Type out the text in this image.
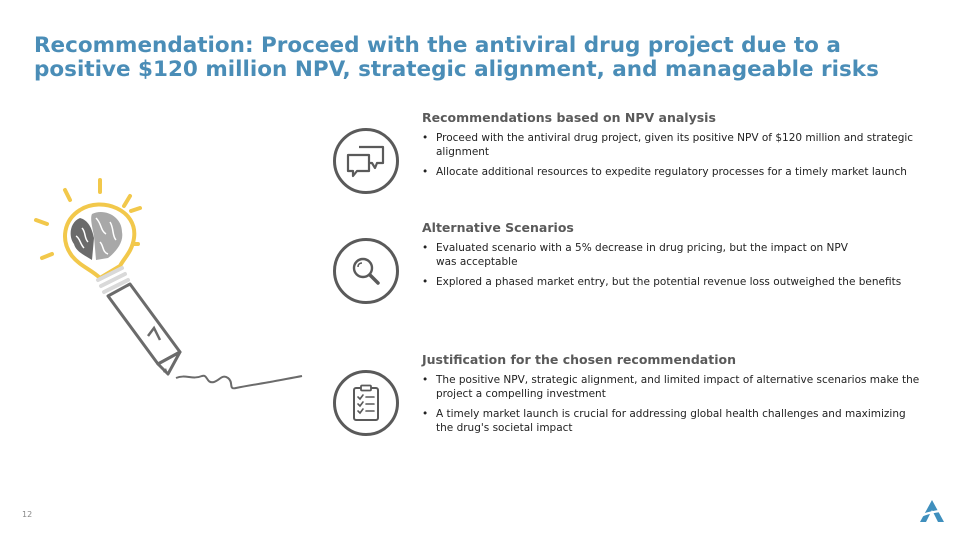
Recommendation: Proceed with the antiviral drug project due to a positive $120 million NPV, strategic alignment, and manageable risks
Recommendations based on NPV analysis
• Proceed with the antiviral drug project, given its positive NPV of $120 million and strategic alignment
• Allocate additional resources to expedite regulatory processes for a timely market launch
Alternative Scenarios
• Evaluated scenario with a 5% decrease in drug pricing, but the impact on NPV was acceptable
• Explored a phased market entry, but the potential revenue loss outweighed the benefits
Justification for the chosen recommendation
• The positive NPV, strategic alignment, and limited impact of alternative scenarios make the project a compelling investment
• A timely market launch is crucial for addressing global health challenges and maximizing the drug's societal impact
12
